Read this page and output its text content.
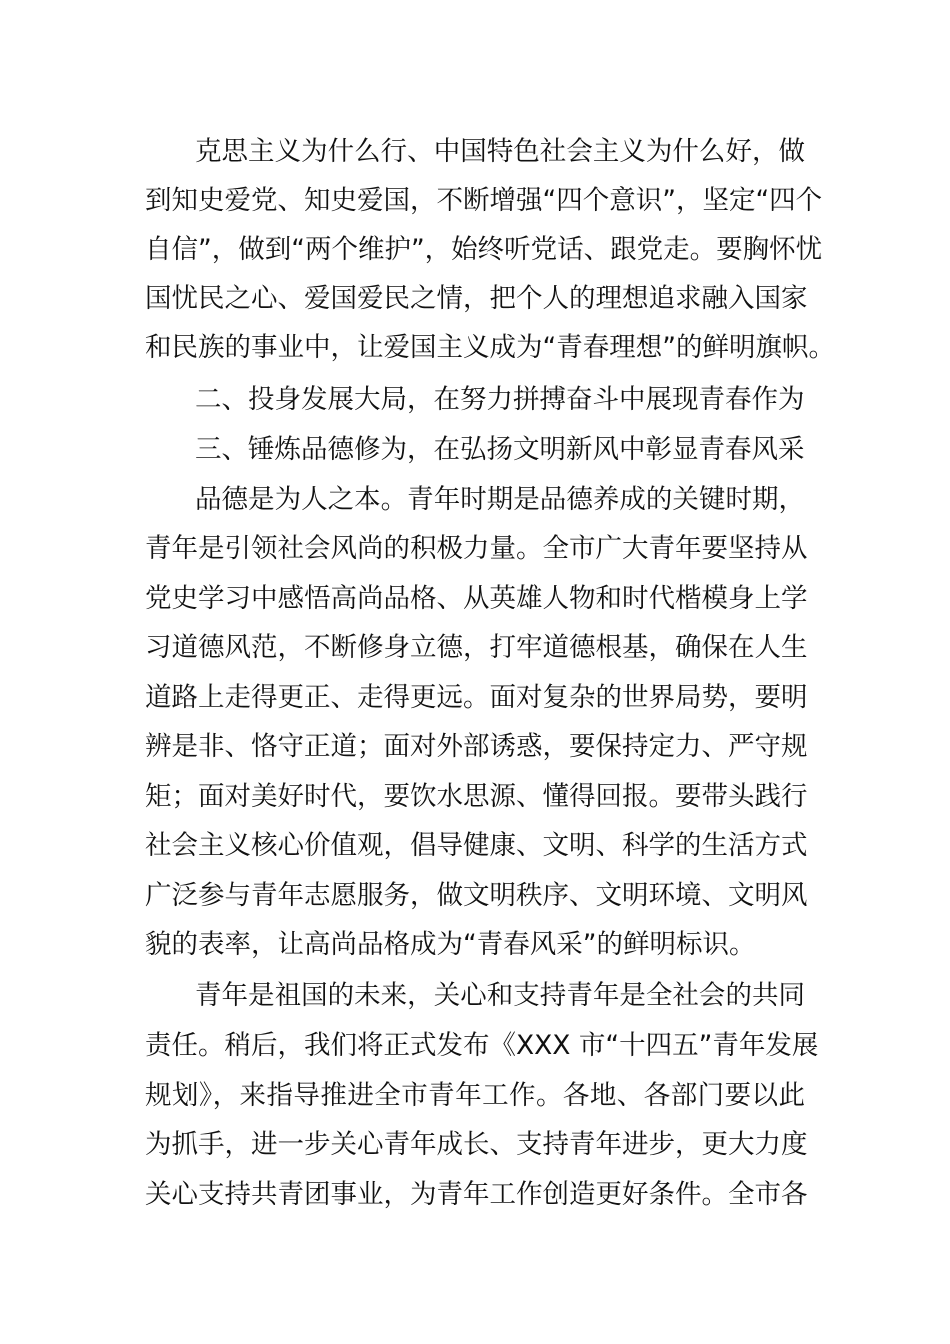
克思主义为什么行、中国特色社会主义为什么好，做
到知史爱党、知史爱国，不断增强“四个意识”，坚定“四个
自信”，做到“两个维护”，始终听党话、跟党走。要胸怀忧
国忧民之心、爱国爱民之情，把个人的理想追求融入国家
和民族的事业中，让爱国主义成为“青春理想”的鲜明旗帜。
二、投身发展大局，在努力拼搏奋斗中展现青春作为
三、锤炼品德修为，在弘扬文明新风中彰显青春风采
品德是为人之本。青年时期是品德养成的关键时期，
青年是引领社会风尚的积极力量。全市广大青年要坚持从
党史学习中感悟高尚品格、从英雄人物和时代楷模身上学
习道德风范，不断修身立德，打牢道德根基，确保在人生
道路上走得更正、走得更远。面对复杂的世界局势，要明
辨是非、恪守正道；面对外部诱惑，要保持定力、严守规
矩；面对美好时代，要饮水思源、懂得回报。要带头践行
社会主义核心价值观，倡导健康、文明、科学的生活方式
广泛参与青年志愿服务，做文明秩序、文明环境、文明风
貌的表率，让高尚品格成为“青春风采”的鲜明标识。
青年是祖国的未来，关心和支持青年是全社会的共同
责任。稍后，我们将正式发布《XXX 市“十四五”青年发展
规划》，来指导推进全市青年工作。各地、各部门要以此
为抓手，进一步关心青年成长、支持青年进步，更大力度
关心支持共青团事业，为青年工作创造更好条件。全市各
